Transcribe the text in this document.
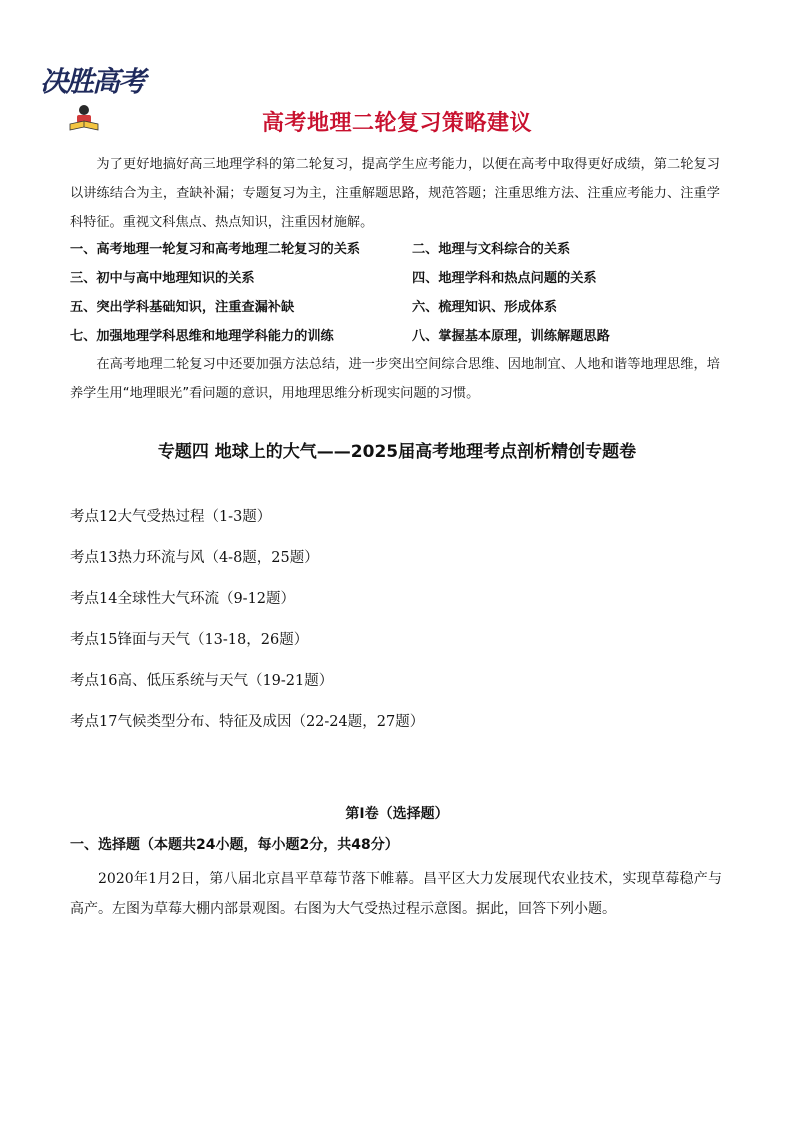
决胜高考
高考地理二轮复习策略建议
为了更好地搞好高三地理学科的第二轮复习，提高学生应考能力，以便在高考中取得更好成绩，第二轮复习以讲练结合为主，查缺补漏；专题复习为主，注重解题思路，规范答题；注重思维方法、注重应考能力、注重学科特征。重视文科焦点、热点知识，注重因材施解。
一、高考地理一轮复习和高考地理二轮复习的关系	二、地理与文科综合的关系
三、初中与高中地理知识的关系	四、地理学科和热点问题的关系
五、突出学科基础知识，注重查漏补缺	六、梳理知识、形成体系
七、加强地理学科思维和地理学科能力的训练	八、掌握基本原理，训练解题思路
在高考地理二轮复习中还要加强方法总结，进一步突出空间综合思维、因地制宜、人地和谐等地理思维，培养学生用“地理眼光”看问题的意识，用地理思维分析现实问题的习惯。
专题四 地球上的大气——2025届高考地理考点剖析精创专题卷
考点12大气受热过程（1-3题）
考点13热力环流与风（4-8题，25题）
考点14全球性大气环流（9-12题）
考点15锋面与天气（13-18，26题）
考点16高、低压系统与天气（19-21题）
考点17气候类型分布、特征及成因（22-24题，27题）
第I卷（选择题）
一、选择题（本题共24小题，每小题2分，共48分）
2020年1月2日，第八届北京昌平草莓节落下帷幕。昌平区大力发展现代农业技术，实现草莓稳产与高产。左图为草莓大棚内部景观图。右图为大气受热过程示意图。据此，回答下列小题。
